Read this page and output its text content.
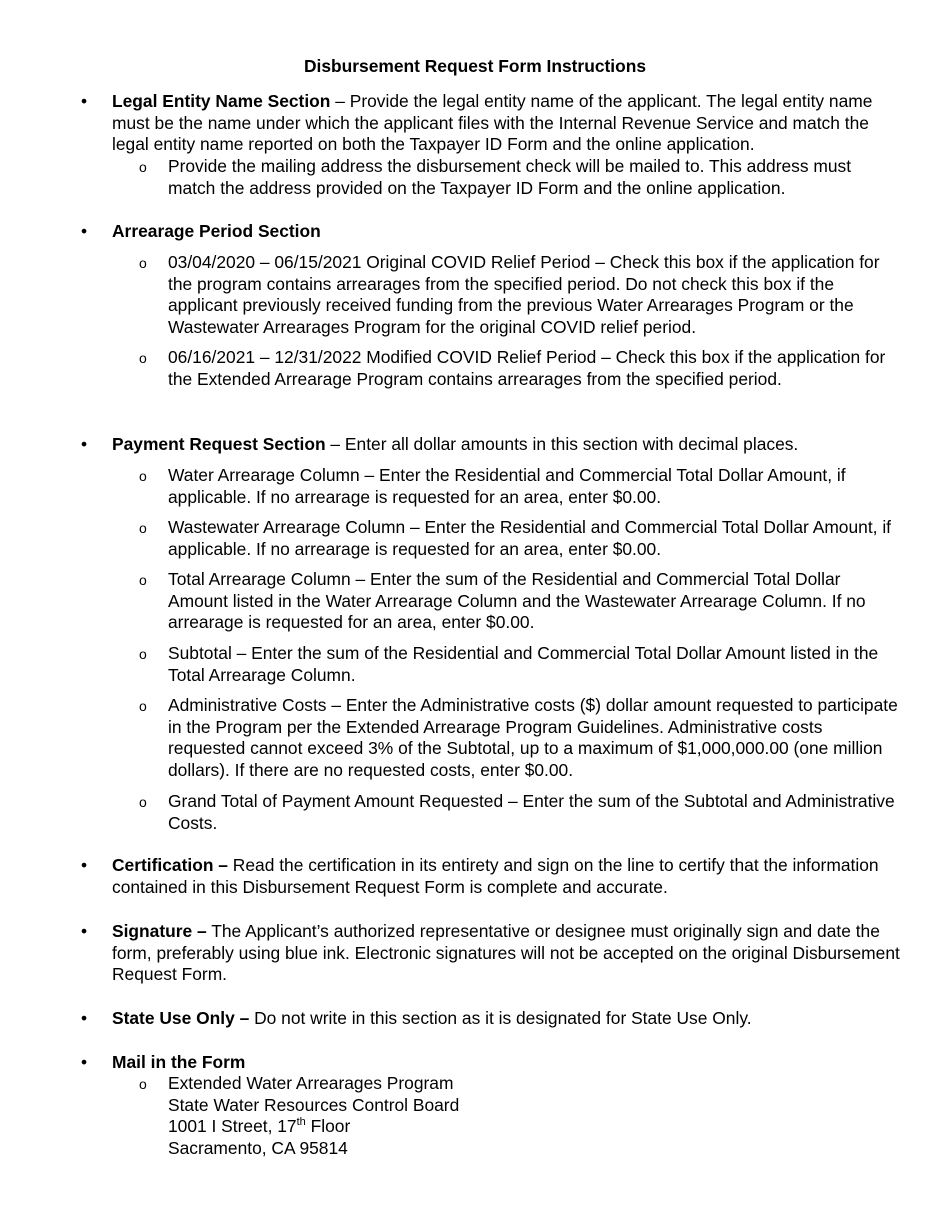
Disbursement Request Form Instructions
•	Legal Entity Name Section – Provide the legal entity name of the applicant. The legal entity name must be the name under which the applicant files with the Internal Revenue Service and match the legal entity name reported on both the Taxpayer ID Form and the online application.
o Provide the mailing address the disbursement check will be mailed to. This address must match the address provided on the Taxpayer ID Form and the online application.
•	Arrearage Period Section
o 03/04/2020 – 06/15/2021 Original COVID Relief Period – Check this box if the application for the program contains arrearages from the specified period. Do not check this box if the applicant previously received funding from the previous Water Arrearages Program or the Wastewater Arrearages Program for the original COVID relief period.
o 06/16/2021 – 12/31/2022 Modified COVID Relief Period – Check this box if the application for the Extended Arrearage Program contains arrearages from the specified period.
•	Payment Request Section – Enter all dollar amounts in this section with decimal places.
o Water Arrearage Column – Enter the Residential and Commercial Total Dollar Amount, if applicable. If no arrearage is requested for an area, enter $0.00.
o Wastewater Arrearage Column – Enter the Residential and Commercial Total Dollar Amount, if applicable. If no arrearage is requested for an area, enter $0.00.
o Total Arrearage Column – Enter the sum of the Residential and Commercial Total Dollar Amount listed in the Water Arrearage Column and the Wastewater Arrearage Column. If no arrearage is requested for an area, enter $0.00.
o Subtotal – Enter the sum of the Residential and Commercial Total Dollar Amount listed in the Total Arrearage Column.
o Administrative Costs – Enter the Administrative costs ($) dollar amount requested to participate in the Program per the Extended Arrearage Program Guidelines. Administrative costs requested cannot exceed 3% of the Subtotal, up to a maximum of $1,000,000.00 (one million dollars). If there are no requested costs, enter $0.00.
o Grand Total of Payment Amount Requested – Enter the sum of the Subtotal and Administrative Costs.
•	Certification – Read the certification in its entirety and sign on the line to certify that the information contained in this Disbursement Request Form is complete and accurate.
•	Signature – The Applicant’s authorized representative or designee must originally sign and date the form, preferably using blue ink. Electronic signatures will not be accepted on the original Disbursement Request Form.
•	State Use Only – Do not write in this section as it is designated for State Use Only.
•	Mail in the Form
o Extended Water Arrearages Program
State Water Resources Control Board
1001 I Street, 17th Floor
Sacramento, CA 95814
